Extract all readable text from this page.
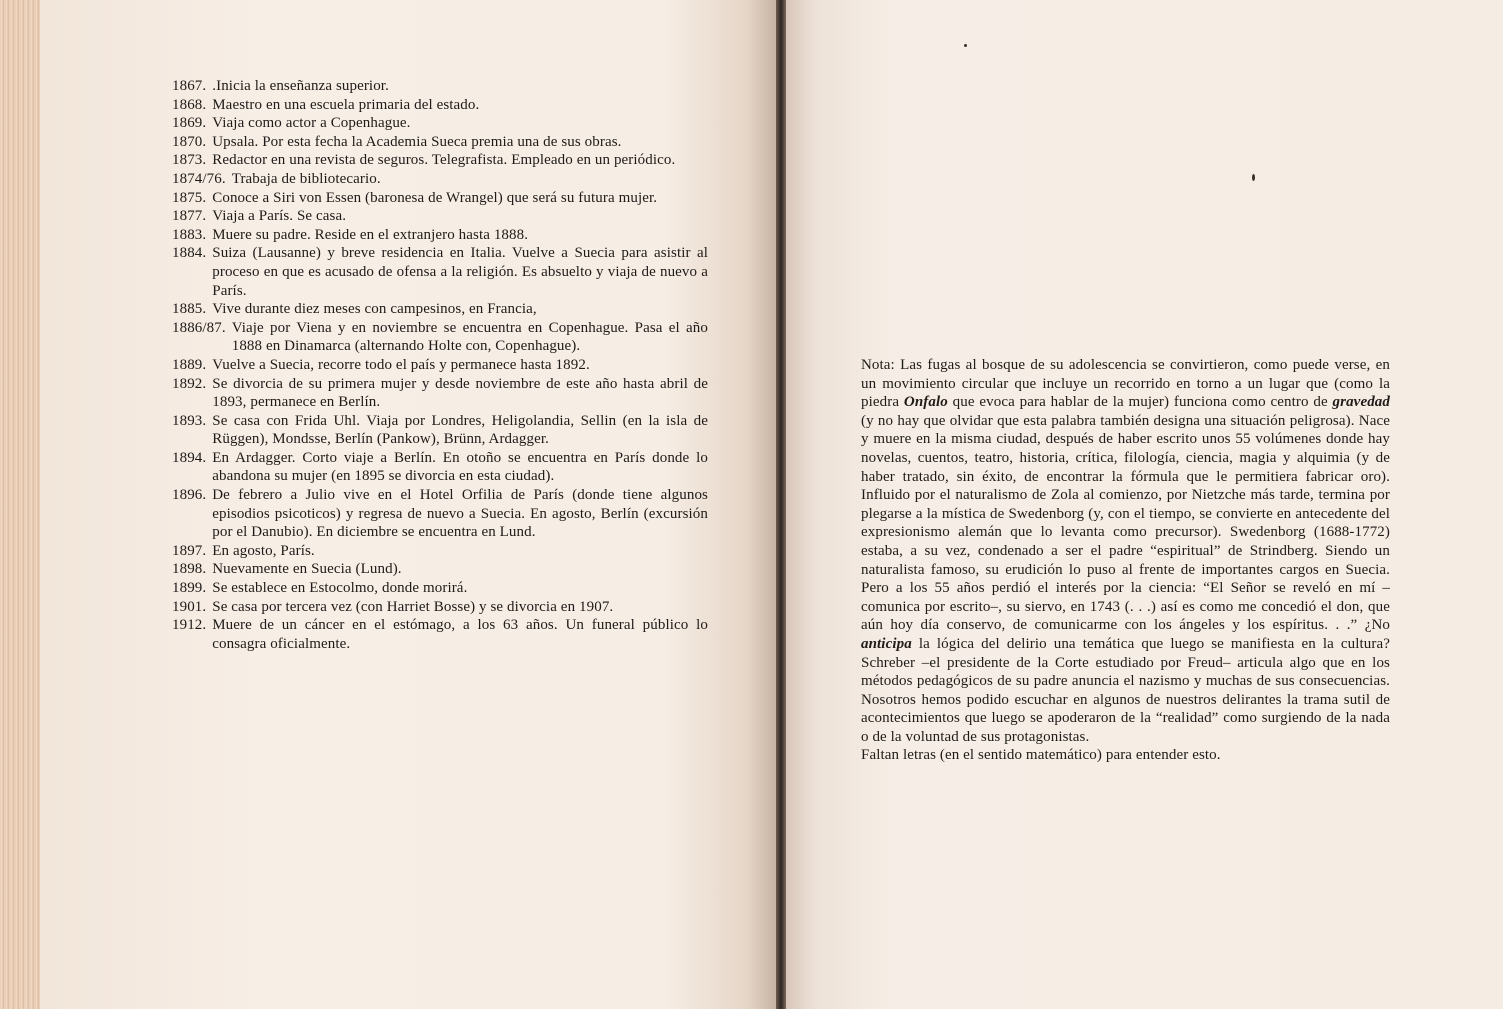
1867. .Inicia la enseñanza superior.
1868. Maestro en una escuela primaria del estado.
1869. Viaja como actor a Copenhague.
1870. Upsala. Por esta fecha la Academia Sueca premia una de sus obras.
1873. Redactor en una revista de seguros. Telegrafista. Empleado en un periódico.
1874/76. Trabaja de bibliotecario.
1875. Conoce a Siri von Essen (baronesa de Wrangel) que será su futura mujer.
1877. Viaja a París. Se casa.
1883. Muere su padre. Reside en el extranjero hasta 1888.
1884. Suiza (Lausanne) y breve residencia en Italia. Vuelve a Suecia para asistir al proceso en que es acusado de ofensa a la religión. Es absuelto y viaja de nuevo a París.
1885. Vive durante diez meses con campesinos, en Francia,
1886/87. Viaje por Viena y en noviembre se encuentra en Copenhague. Pasa el año 1888 en Dinamarca (alternando Holte con, Copenhague).
1889. Vuelve a Suecia, recorre todo el país y permanece hasta 1892.
1892. Se divorcia de su primera mujer y desde noviembre de este año hasta abril de 1893, permanece en Berlín.
1893. Se casa con Frida Uhl. Viaja por Londres, Heligolandia, Sellin (en la isla de Rüggen), Mondsse, Berlín (Pankow), Brünn, Ardagger.
1894. En Ardagger. Corto viaje a Berlín. En otoño se encuentra en París donde lo abandona su mujer (en 1895 se divorcia en esta ciudad).
1896. De febrero a Julio vive en el Hotel Orfilia de París (donde tiene algunos episodios psicoticos) y regresa de nuevo a Suecia. En agosto, Berlín (excursión por el Danubio). En diciembre se encuentra en Lund.
1897. En agosto, París.
1898. Nuevamente en Suecia (Lund).
1899. Se establece en Estocolmo, donde morirá.
1901. Se casa por tercera vez (con Harriet Bosse) y se divorcia en 1907.
1912. Muere de un cáncer en el estómago, a los 63 años. Un funeral público lo consagra oficialmente.

Nota: Las fugas al bosque de su adolescencia se convirtieron, como puede verse, en un movimiento circular que incluye un recorrido en torno a un lugar que (como la piedra Onfalo que evoca para hablar de la mujer) funciona como centro de gravedad (y no hay que olvidar que esta palabra también designa una situación peligrosa). Nace y muere en la misma ciudad, después de haber escrito unos 55 volúmenes donde hay novelas, cuentos, teatro, historia, crítica, filología, ciencia, magia y alquimia (y de haber tratado, sin éxito, de encontrar la fórmula que le permitiera fabricar oro). Influido por el naturalismo de Zola al comienzo, por Nietzche más tarde, termina por plegarse a la mística de Swedenborg (y, con el tiempo, se convierte en antecedente del expresionismo alemán que lo levanta como precursor). Swedenborg (1688-1772) estaba, a su vez, condenado a ser el padre “espiritual” de Strindberg. Siendo un naturalista famoso, su erudición lo puso al frente de importantes cargos en Suecia. Pero a los 55 años perdió el interés por la ciencia: “El Señor se reveló en mí –comunica por escrito–, su siervo, en 1743 (. . .) así es como me concedió el don, que aún hoy día conservo, de comunicarme con los ángeles y los espíritus. . .” ¿No anticipa la lógica del delirio una temática que luego se manifiesta en la cultura? Schreber –el presidente de la Corte estudiado por Freud– articula algo que en los métodos pedagógicos de su padre anuncia el nazismo y muchas de sus consecuencias. Nosotros hemos podido escuchar en algunos de nuestros delirantes la trama sutil de acontecimientos que luego se apoderaron de la “realidad” como surgiendo de la nada o de la voluntad de sus protagonistas.

Faltan letras (en el sentido matemático) para entender esto.
